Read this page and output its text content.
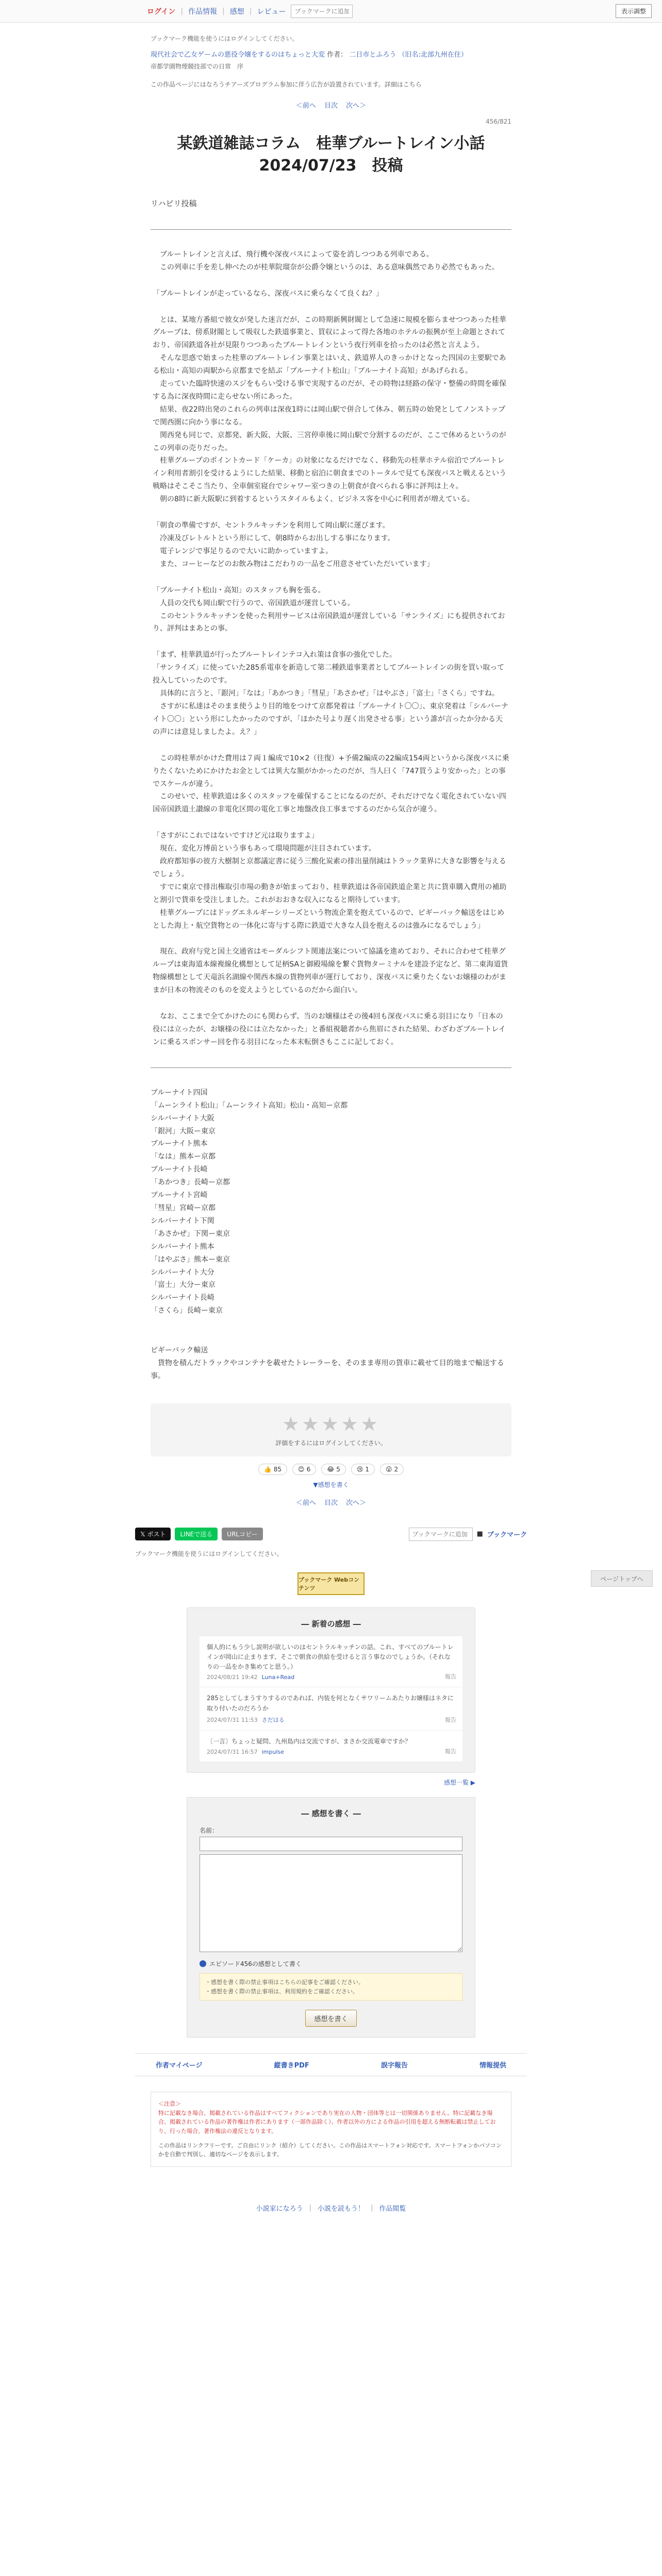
ログイン | 作品情報 | 感想 | レビュー
ブックマークに追加	表示調整
ブックマーク機能を使うにはログインしてください。
現代社会で乙女ゲームの悪役令嬢をするのはちょっと大変 作者： 二日市とふろう （旧名:北部九州在住）
帝都学園物理競技部での日常　序
この作品ページにはなろうチアーズプログラム参加に伴う広告が設置されています。詳細はこちら
＜前へ 目次 次へ＞
456/821
某鉄道雑誌コラム　桂華ブルートレイン小話
2024/07/23　投稿
リハビリ投稿

　ブルートレインと言えば、飛行機や深夜バスによって姿を消しつつある列車である。

　この列車に手を差し伸べたのが桂華院瑠奈が公爵令嬢というのは、ある意味偶然であり必然でもあった。

「ブルートレインが走っているなら、深夜バスに乗らなくて良くね？」

　とは、某地方番組で彼女が発した迷言だが、この時期新興財閥として急速に規模を膨らませつつあった桂華グループは、傍系財閥として吸収した鉄道事業と、買収によって得た各地のホテルの振興が至上命題とされており、帝国鉄道各社が見限りつつあったブルートレインという夜行列車を拾ったのは必然と言えよう。

　そんな思惑で始まった桂華のブルートレイン事業とはいえ、鉄道界人のきっかけとなった四国の主要駅である松山・高知の両駅から京都までを結ぶ「ブルーナイト松山」「ブルーナイト高知」があげられる。

　走っていた臨時快速のスジをもらい受ける事で実現するのだが、その時物は経路の保守・整備の時間を確保する為に深夜時間に走らせない所にあった。

　結果、夜22時出発のこれらの列車は深夜1時には岡山駅で併合して休み、朝五時の始発としてノンストップで関西圏に向かう事になる。

　関西発も同じで、京都発、新大阪、大阪、三宮停車後に岡山駅で分割するのだが、ここで休めるというのがこの列車の売りだった。

　桂華グループのポイントカード「ケーカ」の対象になるだけでなく、移動先の桂華ホテル宿泊でブルートレイン利用者割引を受けるようにした結果、移動と宿泊に朝食までのトータルで見ても深夜バスと戦えるという戦略はそこそこ当たり、全車個室寝台でシャワー室つきの上朝食が食べられる事に評判は上々。

　朝の8時に新大阪駅に到着するというスタイルもよく、ビジネス客を中心に利用者が増えている。

「朝食の準備ですが、セントラルキッチンを利用して岡山駅に運びます。

　冷凍及びレトルトという形にして、朝8時からお出しする事になります。

　電子レンジで事足りるので大いに助かっていますよ。

　また、コーヒーなどのお飲み物はこだわりの一品をご用意させていただいています」

「ブルーナイト松山・高知」のスタッフも胸を張る。

　人員の交代も岡山駅で行うので、帝国鉄道が運営している。

　このセントラルキッチンを使った利用サービスは帝国鉄道が運営している「サンライズ」にも提供されており、評判はまあとの事。

「まず、桂華鉄道が行ったブルートレインテコ入れ策は食事の強化でした。

「サンライズ」に使っていた285系電車を新造して第二種鉄道事業者としてブルートレインの街を買い取って投入していったのです。

　具体的に言うと、「銀河」「なは」「あかつき」「彗星」「あさかぜ」「はやぶさ」「富士」「さくら」ですね。

　さすがに私達はそのまま使うより目的地をつけて京都発着は「ブルーナイト〇〇」、東京発着は「シルバーナイト〇〇」という形にしたかったのですが、「ほかた号より遅く出発させる事」という誰が言ったか分かる天の声には意見しましたよ。え？」

　この時桂華がかけた費用は７両１編成で10×2（往復）+予備2編成の22編成154両というから深夜バスに乗りたくないためにかけたお金としては異大な額がかかったのだが、当人曰く「747買うより安かった」との事でスケールが違う。

　このせいで、桂華鉄道は多くのスタッフを確保することになるのだが、それだけでなく電化されていない四国帝国鉄道土讃線の非電化区間の電化工事と地盤改良工事までするのだから気合が違う。

「さすがにこれではないですけど元は取りますよ」

　現在、変化万博前という事もあって環境問題が注目されています。

　政府都知事の彼方大樹制と京都議定書に従う三酸化炭素の排出量削減はトラック業界に大きな影響を与えるでしょう。

　すでに東京で排出権取引市場の動きが始まっており、桂華鉄道は各帝国鉄道企業と共に貨車購入費用の補助と割引で貨車を受注しました。これがおおきな収入になると期待しています。

　桂華グループにはドッグエネルギーシリーズという物流企業を抱えているので、ピギーバック輸送をはじめとした海上・航空貨物との一体化に寄与する際に鉄道で大きな人員を抱えるのは強みになるでしょう」

　現在、政府与党と国土交通省はモーダルシフト関連法案について協議を進めており、それに合わせて桂華グループは東海道本線複線化構想として足柄SAと御殿場線を繋ぐ貨物ターミナルを建設予定など、第二東海道貨物線構想として天竜浜名湖線や関西本線の貨物列車が運行しており、深夜バスに乗りたくないお嬢様のわがままが日本の物流そのものを変えようとしているのだから面白い。

　なお、ここまで全てかけたのにも関わらず、当のお嬢様はその後4回も深夜バスに乗る羽目になり「日本の役には立ったが、お嬢様の役には立たなかった」と番組視聴者から焦眉にされた結果、わざわざブルートレインに乗るスポンサー回を作る羽目になった本末転倒さもここに記しておく。

ブルーナイト四国

「ムーンライト松山」「ムーンライト高知」松山・高知ー京都

シルバーナイト大阪

「銀河」大阪ー東京

ブルーナイト熊本

「なは」熊本ー京都

ブルーナイト長崎

「あかつき」長崎ー京都

ブルーナイト宮崎

「彗星」宮崎ー京都

シルバーナイト下関

「あさかぜ」下関ー東京

シルバーナイト熊本

「はやぶさ」熊本ー東京

シルバーナイト大分

「富士」大分ー東京

シルバーナイト長崎

「さくら」長崎ー東京

ピギーバック輸送

　貨物を積んだトラックやコンテナを載せたトレーラーを、そのまま専用の貨車に載せて目的地まで輸送する事。

★★★★★
評価をするにはログインしてください。
👍 85	😊 6	😂 5	😢 1	😮 2
▼感想を書く
＜前へ 目次 次へ＞
𝕏 ポスト	LINEで送る	URLコピー
ブックマークに追加	■ ブックマーク
ページトップへ
ブックマーク機能を使うにはログインしてください。
ブックマーク Webコンテンツ
― 新着の感想 ―
個人的にもう少し説明が欲しいのはセントラルキッチンの話。これ、すべてのブルートレインが岡山に止まります、そこで朝食の供給を受けると言う事なのでしょうか。（それなりの一品をかき集めてと思う。）
2024/08/21 19:42 Luna+Read	報告
285としてしまうすりするのであれば、内装を何となくサワリームあたりお嬢様はネタに取り付いたのだろうか
2024/07/31 11:53 さだはる	報告
〔一言〕ちょっと疑問、九州島内は交流ですが、まさか交流電車ですか？
2024/07/31 16:57 impulse	報告
感想一覧 ▶
― 感想を書く ―
名前：

エピソード456の感想として書く
・感想を書く際の禁止事項はこちらの記事をご確認ください。
・感想を書く際の禁止事項は、利用規約をご確認ください。
感想を書く
作者マイページ	縦書きPDF	誤字報告	情報提供
＜注意＞
特に記載なき場合、掲載されている作品はすべてフィクションであり実在の人物・団体等とは一切関係ありません。特に記載なき場合、掲載されている作品の著作権は作者にあります（一部作品除く）。作者以外の方による作品の引用を超える無断転載は禁止しており、行った場合、著作権法の違反となります。
この作品はリンクフリーです。ご自由にリンク（紹介）してください。この作品はスマートフォン対応です。スマートフォンかパソコンかを自動で判別し、適切なページを表示します。
小説家になろう | 小説を読もう！ | 作品閲覧
